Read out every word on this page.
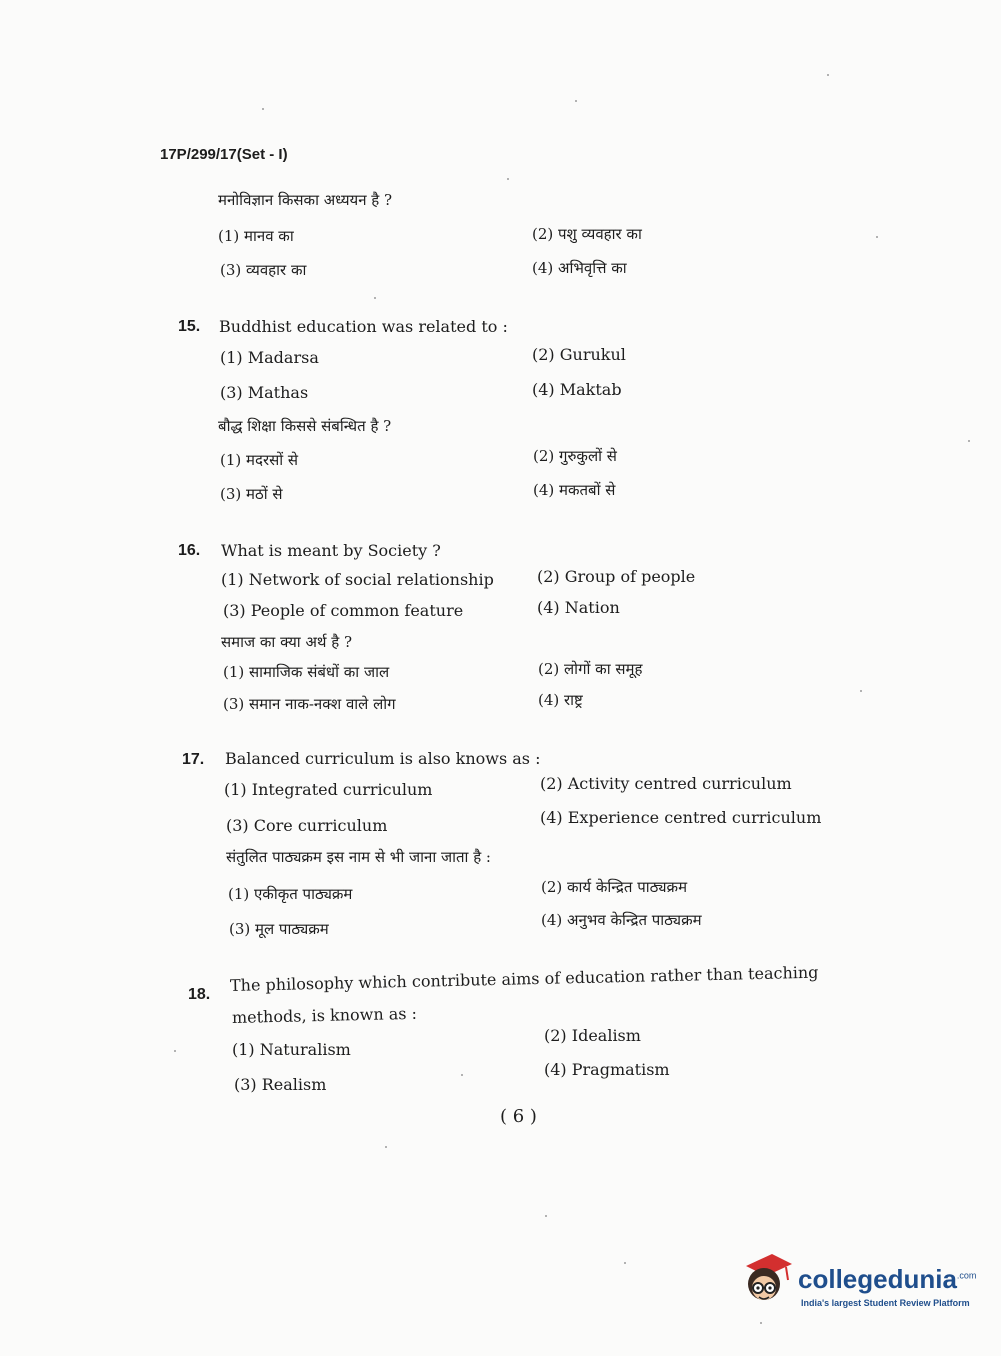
17P/299/17(Set - I)
मनोविज्ञान किसका अध्ययन है ?
(1) मानव का	(2) पशु व्यवहार का
(3) व्यवहार का	(4) अभिवृत्ति का
15. Buddhist education was related to :
(1) Madarsa	(2) Gurukul
(3) Mathas	(4) Maktab
बौद्ध शिक्षा किससे संबन्धित है ?
(1) मदरसों से	(2) गुरुकुलों से
(3) मठों से	(4) मकतबों से
16. What is meant by Society ?
(1) Network of social relationship	(2) Group of people
(3) People of common feature	(4) Nation
समाज का क्या अर्थ है ?
(1) सामाजिक संबंधों का जाल	(2) लोगों का समूह
(3) समान नाक-नक्श वाले लोग	(4) राष्ट्र
17. Balanced curriculum is also knows as :
(1) Integrated curriculum	(2) Activity centred curriculum
(3) Core curriculum	(4) Experience centred curriculum
संतुलित पाठ्यक्रम इस नाम से भी जाना जाता है :
(1) एकीकृत पाठ्यक्रम	(2) कार्य केन्द्रित पाठ्यक्रम
(3) मूल पाठ्यक्रम	(4) अनुभव केन्द्रित पाठ्यक्रम
18. The philosophy which contribute aims of education rather than teaching
methods, is known as :
(1) Naturalism
(2) Idealism
(3) Realism
(4) Pragmatism
( 6 )
collegedunia$^{.com}$
India's largest Student Review Platform
